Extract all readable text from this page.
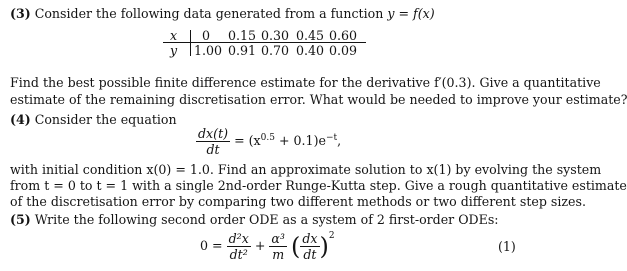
(3) Consider the following data generated from a function y = f(x)
x
y
0 0.15 0.30 0.45 0.60
1.00 0.91 0.70 0.40 0.09
Find the best possible finite difference estimate for the derivative f′(0.3). Give a quantitative
estimate of the remaining discretisation error. What would be needed to improve your estimate?
(4) Consider the equation
$\frac{dx(t)}{dt} = (x^{0.5} + 0.1)e^{-t}$,
with initial condition x(0) = 1.0. Find an approximate solution to x(1) by evolving the system
from t = 0 to t = 1 with a single 2nd-order Runge-Kutta step. Give a rough quantitative estimate
of the discretisation error by comparing two different methods or two different step sizes.
(5) Write the following second order ODE as a system of 2 first-order ODEs:
$0 = \frac{\text{d²x}}{\text{dt²}} + \frac{\text{α³}}{m}$ ( $\frac{dx}{dt} )^2$
(1)
